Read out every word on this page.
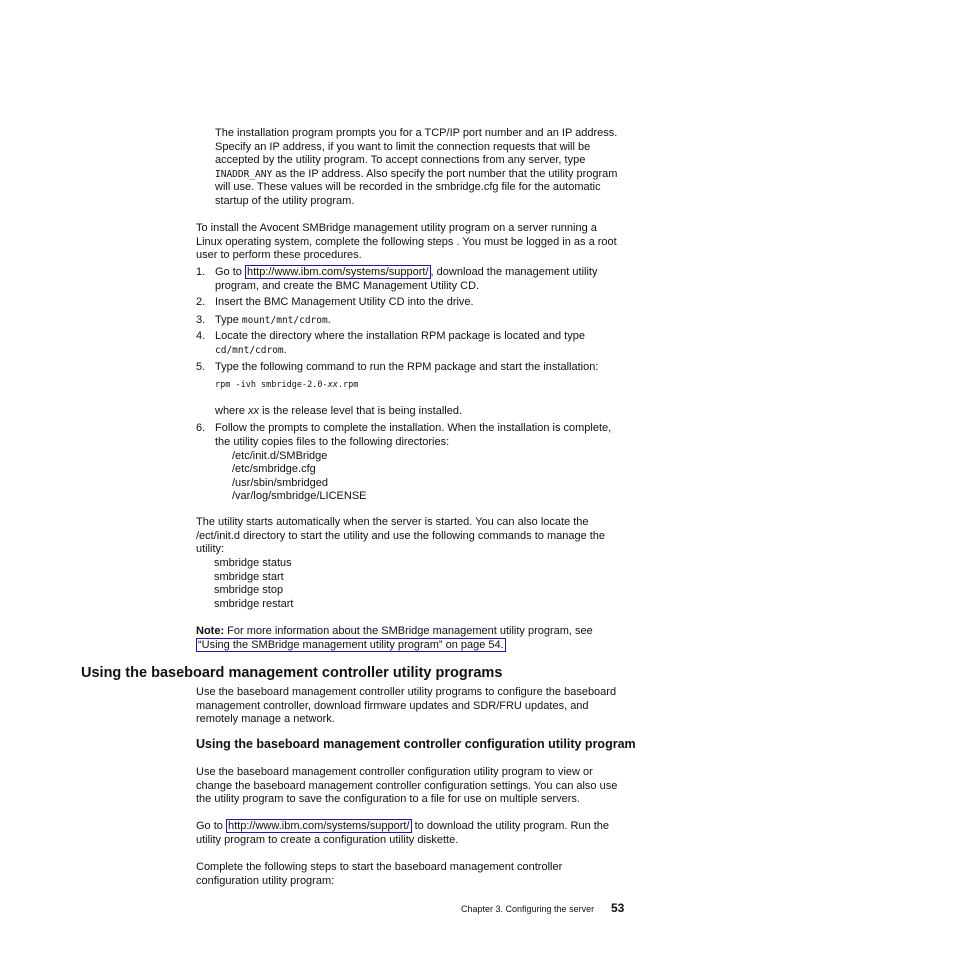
The installation program prompts you for a TCP/IP port number and an IP address. Specify an IP address, if you want to limit the connection requests that will be accepted by the utility program. To accept connections from any server, type INADDR_ANY as the IP address. Also specify the port number that the utility program will use. These values will be recorded in the smbridge.cfg file for the automatic startup of the utility program.

To install the Avocent SMBridge management utility program on a server running a Linux operating system, complete the following steps . You must be logged in as a root user to perform these procedures.

1. Go to http://www.ibm.com/systems/support/ , download the management utility program, and create the BMC Management Utility CD.
2. Insert the BMC Management Utility CD into the drive.
3. Type mount/mnt/cdrom.
4. Locate the directory where the installation RPM package is located and type cd/mnt/cdrom.
5. Type the following command to run the RPM package and start the installation:
rpm -ivh smbridge-2.0-xx.rpm
where xx is the release level that is being installed.
6. Follow the prompts to complete the installation. When the installation is complete, the utility copies files to the following directories:
/etc/init.d/SMBridge
/etc/smbridge.cfg
/usr/sbin/smbridged
/var/log/smbridge/LICENSE

The utility starts automatically when the server is started. You can also locate the /ect/init.d directory to start the utility and use the following commands to manage the utility:

smbridge status
smbridge start
smbridge stop
smbridge restart

Note: For more information about the SMBridge management utility program, see “Using the SMBridge management utility program” on page 54.

Using the baseboard management controller utility programs

Use the baseboard management controller utility programs to configure the baseboard management controller, download firmware updates and SDR/FRU updates, and remotely manage a network.

Using the baseboard management controller configuration utility program

Use the baseboard management controller configuration utility program to view or change the baseboard management controller configuration settings. You can also use the utility program to save the configuration to a file for use on multiple servers.

Go to http://www.ibm.com/systems/support/ to download the utility program. Run the utility program to create a configuration utility diskette.

Complete the following steps to start the baseboard management controller configuration utility program:

Chapter 3. Configuring the server 53
